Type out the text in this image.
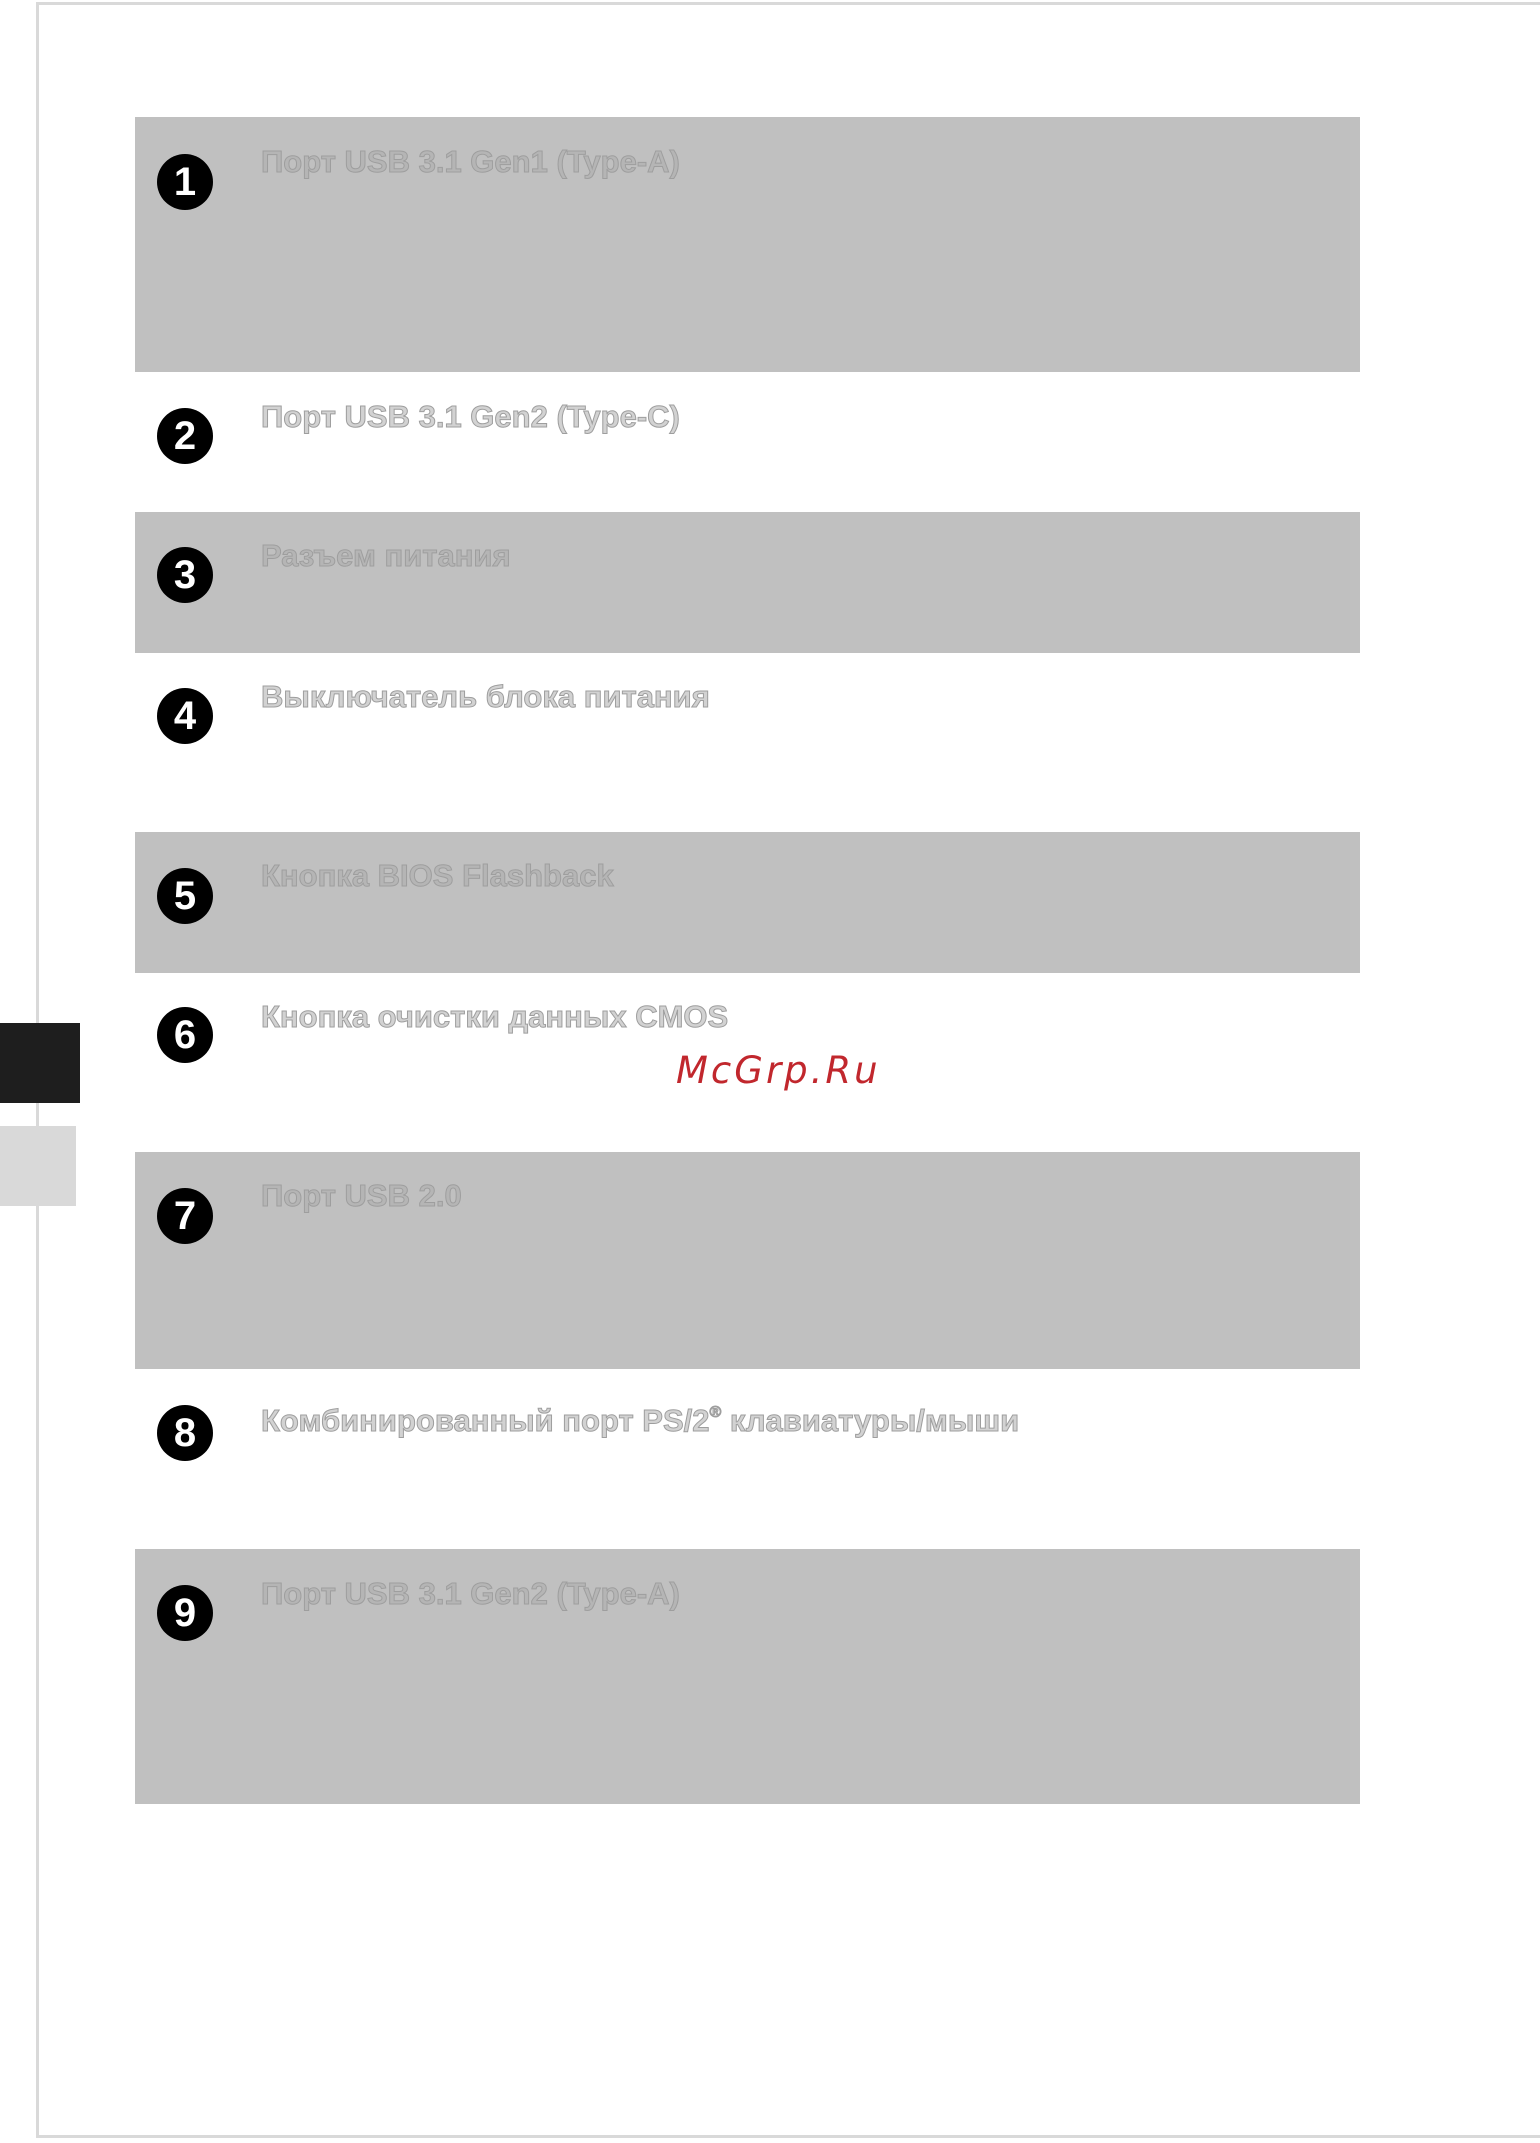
1	Порт USB 3.1 Gen1 (Type-A)
2	Порт USB 3.1 Gen2 (Type-C)
3	Разъем питания
4	Выключатель блока питания
5	Кнопка BIOS Flashback
6	Кнопка очистки данных CMOS
7	Порт USB 2.0
8	Комбинированный порт PS/2® клавиатуры/мыши
9	Порт USB 3.1 Gen2 (Type-A)
McGrp.Ru
